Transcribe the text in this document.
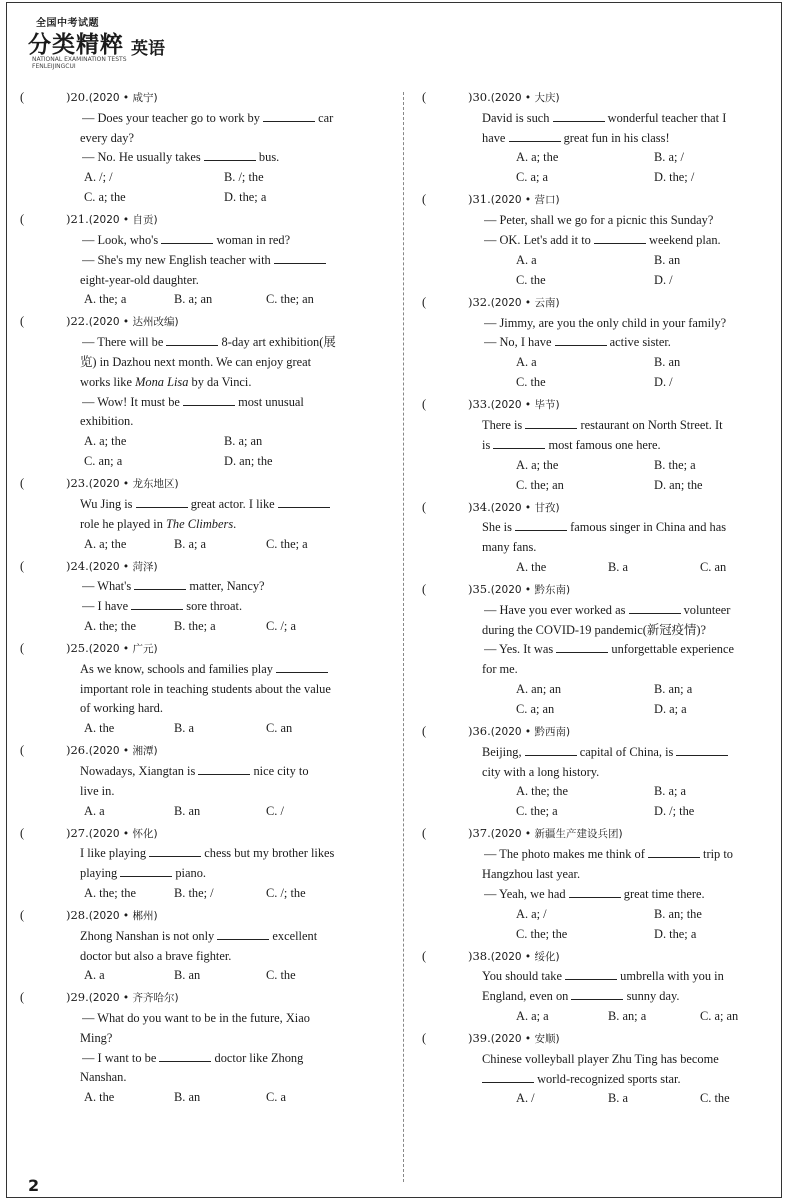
全国中考试题
分类精粹
NATIONAL EXAMINATION TESTS
FENLEIJINGCUI
英语
(	)20.(2020 • 咸宁)
— Does your teacher go to work by	car
every day?
— No. He usually takes	bus.
A. /; /	B. /; the
C. a; the	D. the; a
(	)21.(2020 • 自贡)
— Look, who's	woman in red?
— She's my new English teacher with
eight-year-old daughter.
A. the; a	B. a; an	C. the; an
(	)22.(2020 • 达州改编)
— There will be	8-day art exhibition(展
览) in Dazhou next month. We can enjoy great
works like Mona Lisa by da Vinci.
— Wow! It must be	most unusual
exhibition.
A. a; the	B. a; an
C. an; a	D. an; the
(	)23.(2020 • 龙东地区)
Wu Jing is	great actor. I like
role he played in The Climbers.
A. a; the	B. a; a	C. the; a
(	)24.(2020 • 菏泽)
— What's	matter, Nancy?
— I have	sore throat.
A. the; the	B. the; a	C. /; a
(	)25.(2020 • 广元)
As we know, schools and families play
important role in teaching students about the value
of working hard.
A. the	B. a	C. an
(	)26.(2020 • 湘潭)
Nowadays, Xiangtan is	nice city to
live in.
A. a	B. an	C. /
(	)27.(2020 • 怀化)
I like playing	chess but my brother likes
playing	piano.
A. the; the	B. the; /	C. /; the
(	)28.(2020 • 郴州)
Zhong Nanshan is not only	excellent
doctor but also a brave fighter.
A. a	B. an	C. the
(	)29.(2020 • 齐齐哈尔)
— What do you want to be in the future, Xiao
Ming?
— I want to be	doctor like Zhong
Nanshan.
A. the	B. an	C. a
(	)30.(2020 • 大庆)
David is such	wonderful teacher that I
have	great fun in his class!
A. a; the	B. a; /
C. a; a	D. the; /
(	)31.(2020 • 营口)
— Peter, shall we go for a picnic this Sunday?
— OK. Let's add it to	weekend plan.
A. a	B. an
C. the	D. /
(	)32.(2020 • 云南)
— Jimmy, are you the only child in your family?
— No, I have	active sister.
A. a	B. an
C. the	D. /
(	)33.(2020 • 毕节)
There is	restaurant on North Street. It
is	most famous one here.
A. a; the	B. the; a
C. the; an	D. an; the
(	)34.(2020 • 甘孜)
She is	famous singer in China and has
many fans.
A. the	B. a	C. an
(	)35.(2020 • 黔东南)
— Have you ever worked as	volunteer
during the COVID-19 pandemic(新冠疫情)?
— Yes. It was	unforgettable experience
for me.
A. an; an	B. an; a
C. a; an	D. a; a
(	)36.(2020 • 黔西南)
Beijing,	capital of China, is
city with a long history.
A. the; the	B. a; a
C. the; a	D. /; the
(	)37.(2020 • 新疆生产建设兵团)
— The photo makes me think of	trip to
Hangzhou last year.
— Yeah, we had	great time there.
A. a; /	B. an; the
C. the; the	D. the; a
(	)38.(2020 • 绥化)
You should take	umbrella with you in
England, even on	sunny day.
A. a; a	B. an; a	C. a; an
(	)39.(2020 • 安顺)
Chinese volleyball player Zhu Ting has become
world-recognized sports star.
A. /	B. a	C. the
2
